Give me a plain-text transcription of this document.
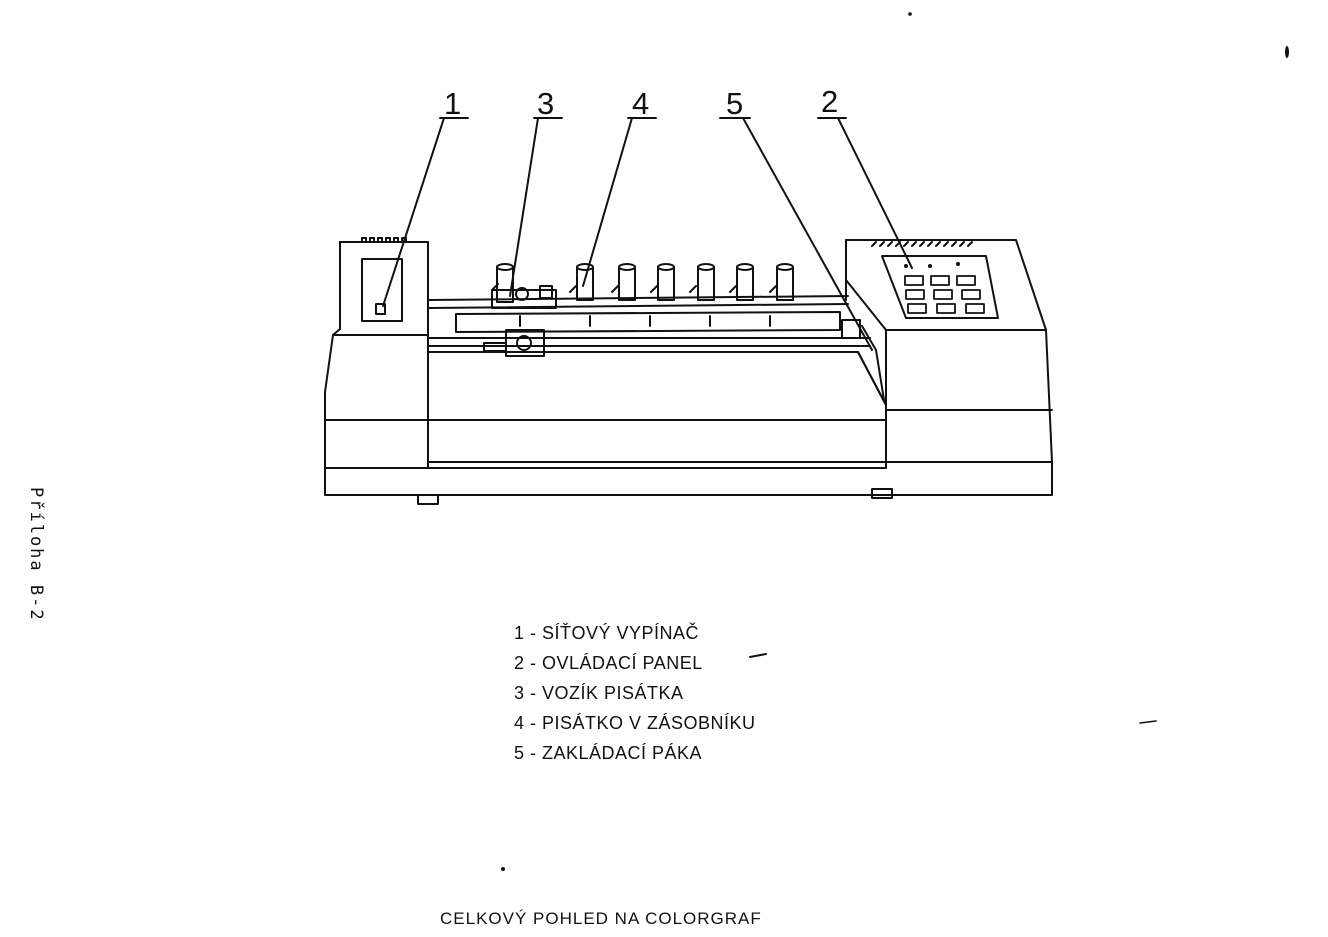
1 3	4 5	2
Příloha B-2
1 - SÍŤOVÝ VYPÍNAČ
2 - OVLÁDACÍ PANEL
3 - VOZÍK PISÁTKA
4 - PISÁTKO V ZÁSOBNÍKU
5 - ZAKLÁDACÍ PÁKA
CELKOVÝ POHLED NA COLORGRAF
